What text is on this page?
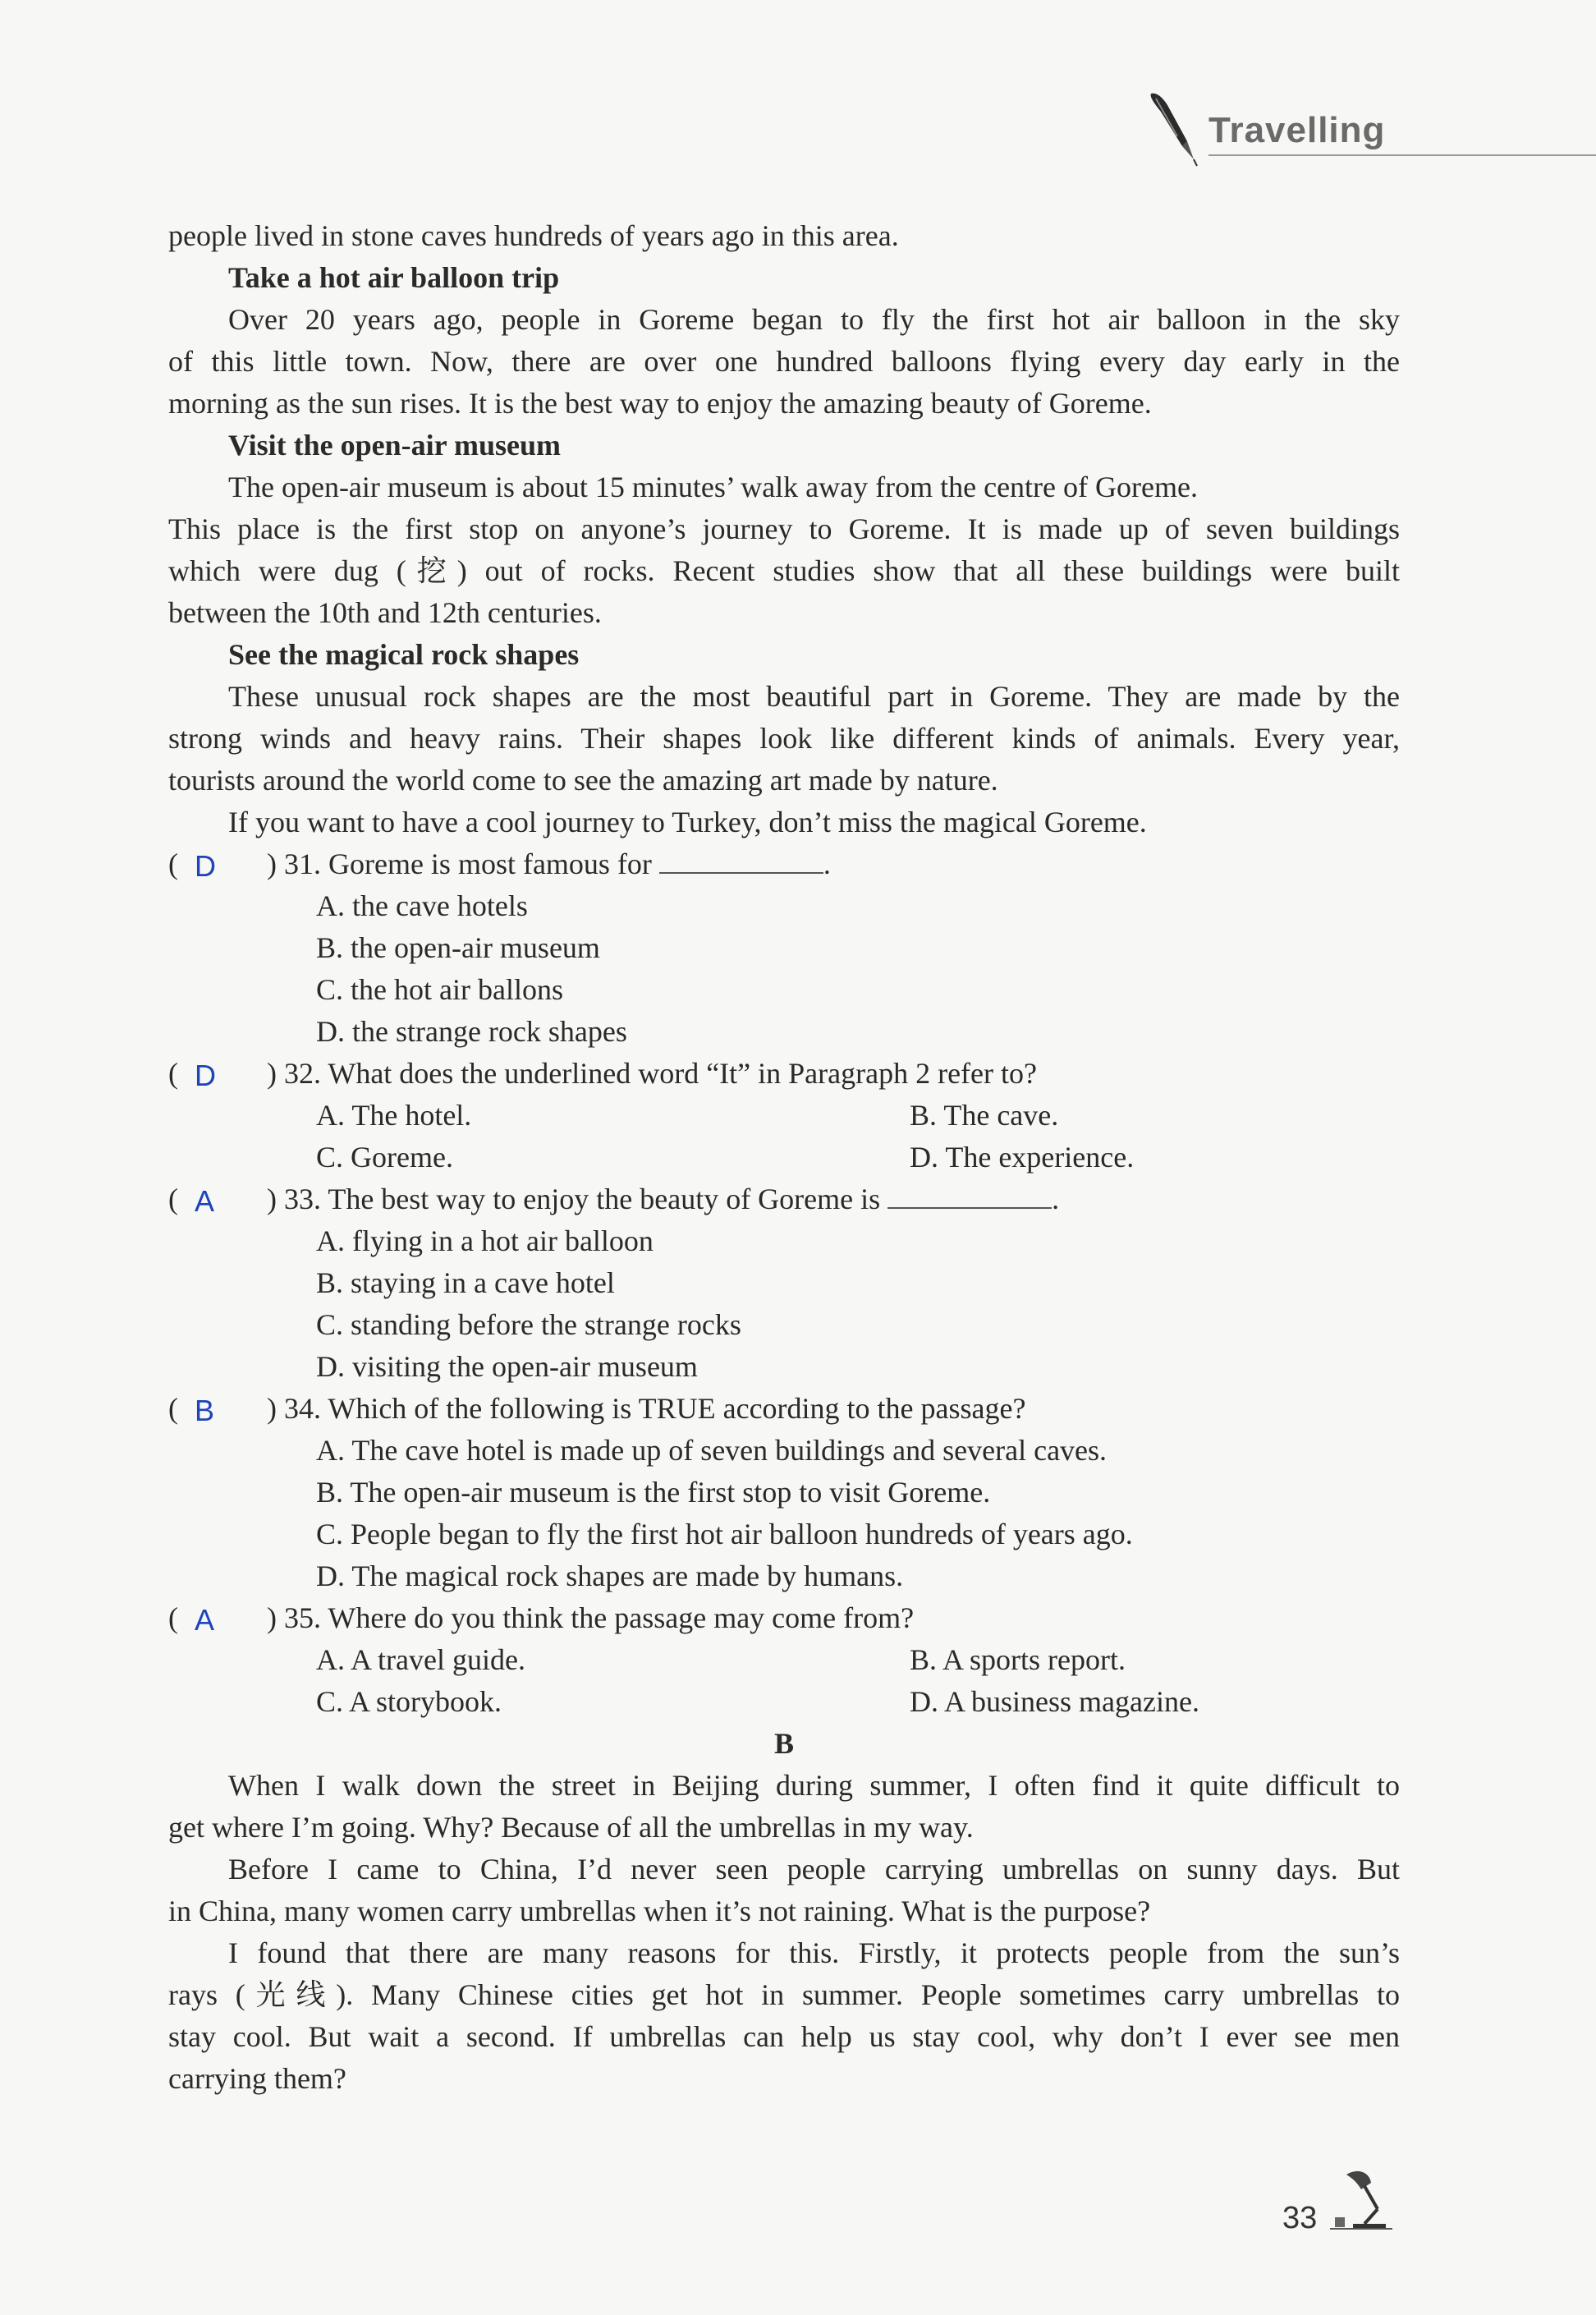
Travelling
people lived in stone caves hundreds of years ago in this area.
Take a hot air balloon trip
Over 20 years ago, people in Goreme began to fly the first hot air balloon in the sky
of this little town. Now, there are over one hundred balloons flying every day early in the
morning as the sun rises. It is the best way to enjoy the amazing beauty of Goreme.
Visit the open-air museum
The open-air museum is about 15 minutes’ walk away from the centre of Goreme.
This place is the first stop on anyone’s journey to Goreme. It is made up of seven buildings
which were dug (挖) out of rocks. Recent studies show that all these buildings were built
between the 10th and 12th centuries.
See the magical rock shapes
These unusual rock shapes are the most beautiful part in Goreme. They are made by the
strong winds and heavy rains. Their shapes look like different kinds of animals. Every year,
tourists around the world come to see the amazing art made by nature.
If you want to have a cool journey to Turkey, don’t miss the magical Goreme.
( D ) 31. Goreme is most famous for	.
A. the cave hotels
B. the open-air museum
C. the hot air ballons
D. the strange rock shapes
( D ) 32. What does the underlined word “It” in Paragraph 2 refer to?
A. The hotel.	B. The cave.
C. Goreme.	D. The experience.
( A ) 33. The best way to enjoy the beauty of Goreme is	.
A. flying in a hot air balloon
B. staying in a cave hotel
C. standing before the strange rocks
D. visiting the open-air museum
( B ) 34. Which of the following is TRUE according to the passage?
A. The cave hotel is made up of seven buildings and several caves.
B. The open-air museum is the first stop to visit Goreme.
C. People began to fly the first hot air balloon hundreds of years ago.
D. The magical rock shapes are made by humans.
( A ) 35. Where do you think the passage may come from?
A. A travel guide.	B. A sports report.
C. A storybook.	D. A business magazine.
B
When I walk down the street in Beijing during summer, I often find it quite difficult to
get where I’m going. Why? Because of all the umbrellas in my way.
Before I came to China, I’d never seen people carrying umbrellas on sunny days. But
in China, many women carry umbrellas when it’s not raining. What is the purpose?
I found that there are many reasons for this. Firstly, it protects people from the sun’s
rays (光线). Many Chinese cities get hot in summer. People sometimes carry umbrellas to
stay cool. But wait a second. If umbrellas can help us stay cool, why don’t I ever see men
carrying them?
33
